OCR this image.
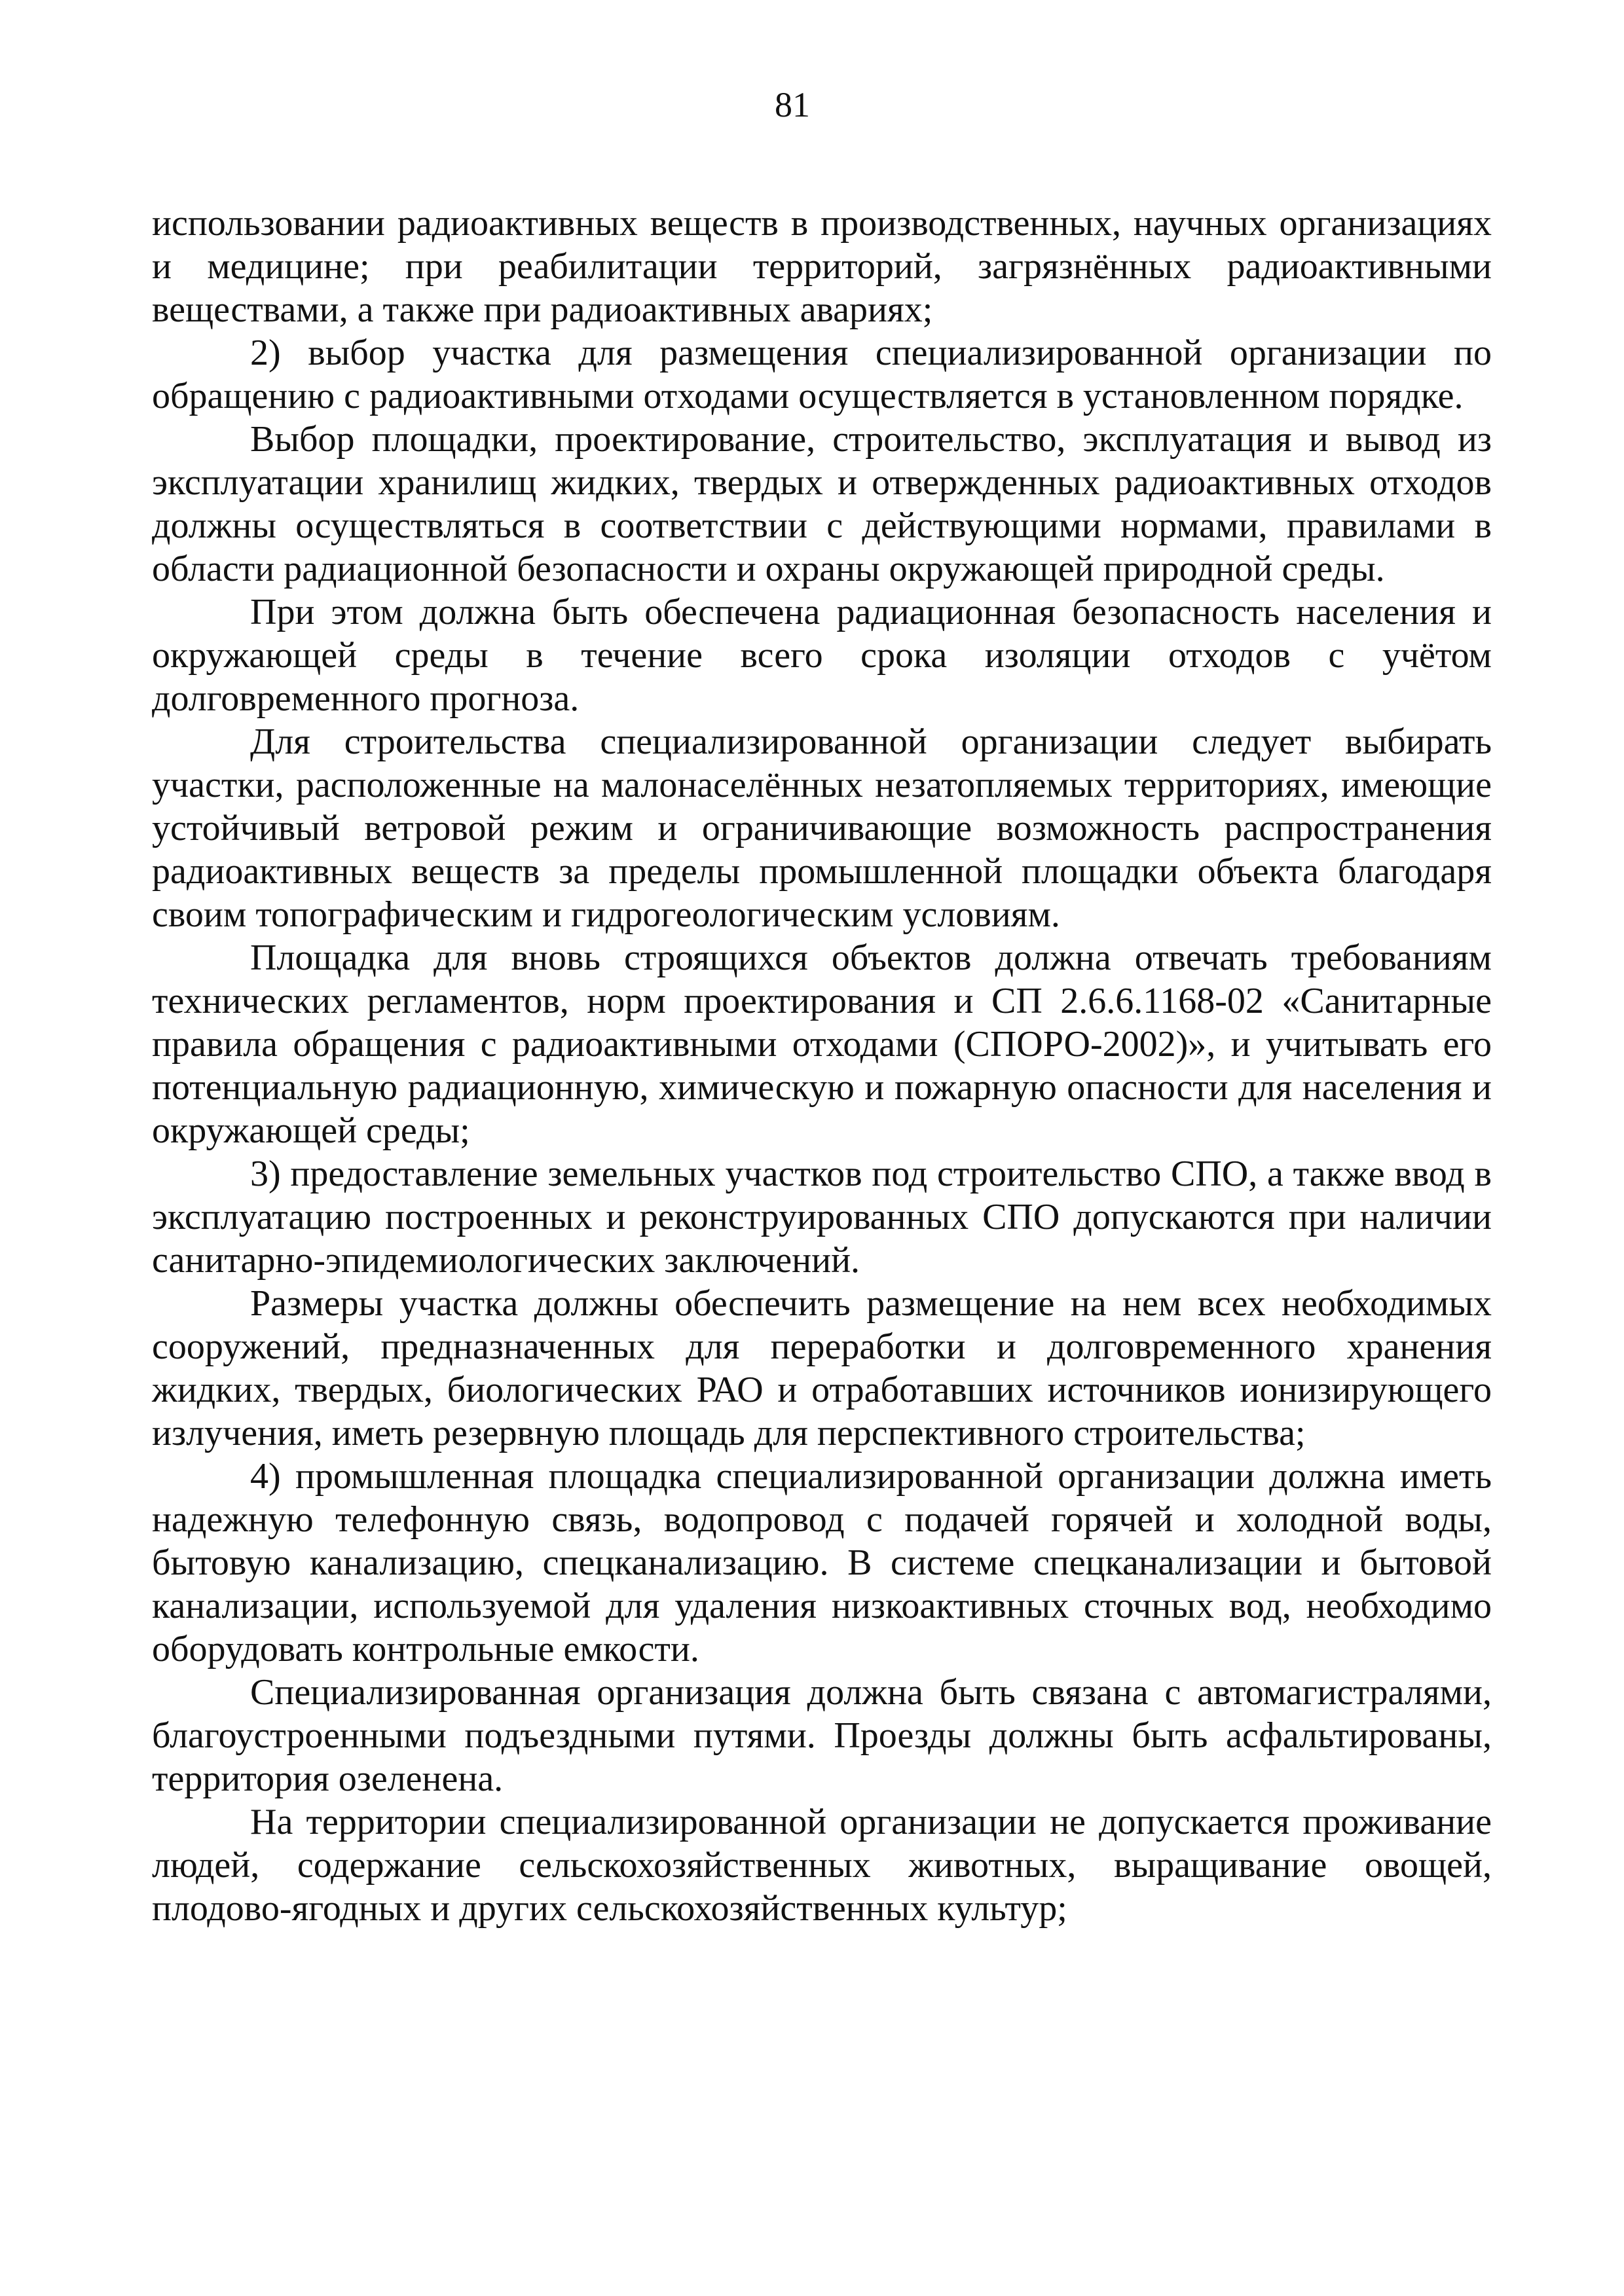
81

использовании радиоактивных веществ в производственных, научных организациях и медицине; при реабилитации территорий, загрязнённых радиоактивными веществами, а также при радиоактивных авариях;

2) выбор участка для размещения специализированной организации по обращению с радиоактивными отходами осуществляется в установленном порядке.

Выбор площадки, проектирование, строительство, эксплуатация и вывод из эксплуатации хранилищ жидких, твердых и отвержденных радиоактивных отходов должны осуществляться в соответствии с действующими нормами, правилами в области радиационной безопасности и охраны окружающей природной среды.

При этом должна быть обеспечена радиационная безопасность населения и окружающей среды в течение всего срока изоляции отходов с учётом долговременного прогноза.

Для строительства специализированной организации следует выбирать участки, расположенные на малонаселённых незатопляемых территориях, имеющие устойчивый ветровой режим и ограничивающие возможность распространения радиоактивных веществ за пределы промышленной площадки объекта благодаря своим топографическим и гидрогеологическим условиям.

Площадка для вновь строящихся объектов должна отвечать требованиям технических регламентов, норм проектирования и СП 2.6.6.1168-02 «Санитарные правила обращения с радиоактивными отходами (СПОРО-2002)», и учитывать его потенциальную радиационную, химическую и пожарную опасности для населения и окружающей среды;

3) предоставление земельных участков под строительство СПО, а также ввод в эксплуатацию построенных и реконструированных СПО допускаются при наличии санитарно-эпидемиологических заключений.

Размеры участка должны обеспечить размещение на нем всех необходимых сооружений, предназначенных для переработки и долговременного хранения жидких, твердых, биологических РАО и отработавших источников ионизирующего излучения, иметь резервную площадь для перспективного строительства;

4) промышленная площадка специализированной организации должна иметь надежную телефонную связь, водопровод с подачей горячей и холодной воды, бытовую канализацию, спецканализацию. В системе спецканализации и бытовой канализации, используемой для удаления низкоактивных сточных вод, необходимо оборудовать контрольные емкости.

Специализированная организация должна быть связана с автомагистралями, благоустроенными подъездными путями. Проезды должны быть асфальтированы, территория озеленена.

На территории специализированной организации не допускается проживание людей, содержание сельскохозяйственных животных, выращивание овощей, плодово-ягодных и других сельскохозяйственных культур;
